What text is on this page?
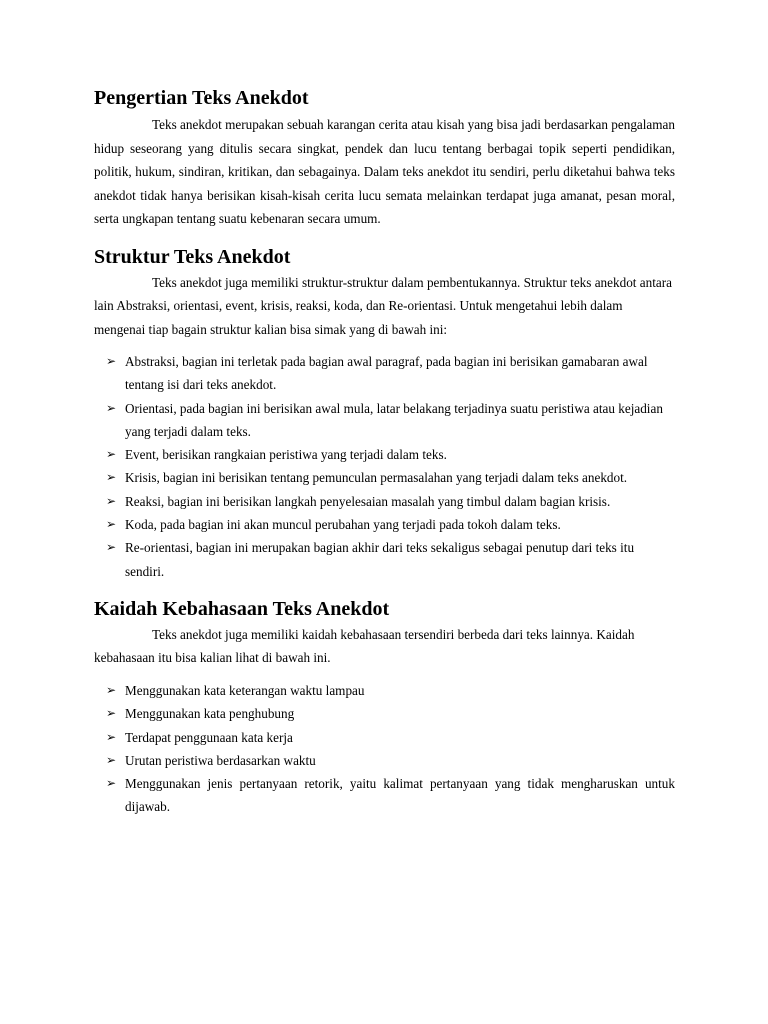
Pengertian Teks Anekdot

Teks anekdot merupakan sebuah karangan cerita atau kisah yang bisa jadi berdasarkan pengalaman hidup seseorang yang ditulis secara singkat, pendek dan lucu tentang berbagai topik seperti pendidikan, politik, hukum, sindiran, kritikan, dan sebagainya. Dalam teks anekdot itu sendiri, perlu diketahui bahwa teks anekdot tidak hanya berisikan kisah-kisah cerita lucu semata melainkan terdapat juga amanat, pesan moral, serta ungkapan tentang suatu kebenaran secara umum.

Struktur Teks Anekdot

Teks anekdot juga memiliki struktur-struktur dalam pembentukannya. Struktur teks anekdot antara lain Abstraksi, orientasi, event, krisis, reaksi, koda, dan Re-orientasi. Untuk mengetahui lebih dalam mengenai tiap bagain struktur kalian bisa simak yang di bawah ini:

➢ Abstraksi, bagian ini terletak pada bagian awal paragraf, pada bagian ini berisikan gamabaran awal tentang isi dari teks anekdot.
➢ Orientasi, pada bagian ini berisikan awal mula, latar belakang terjadinya suatu peristiwa atau kejadian yang terjadi dalam teks.
➢ Event, berisikan rangkaian peristiwa yang terjadi dalam teks.
➢ Krisis, bagian ini berisikan tentang pemunculan permasalahan yang terjadi dalam teks anekdot.
➢ Reaksi, bagian ini berisikan langkah penyelesaian masalah yang timbul dalam bagian krisis.
➢ Koda, pada bagian ini akan muncul perubahan yang terjadi pada tokoh dalam teks.
➢ Re-orientasi, bagian ini merupakan bagian akhir dari teks sekaligus sebagai penutup dari teks itu sendiri.
Kaidah Kebahasaan Teks Anekdot

Teks anekdot juga memiliki kaidah kebahasaan tersendiri berbeda dari teks lainnya. Kaidah kebahasaan itu bisa kalian lihat di bawah ini.

➢ Menggunakan kata keterangan waktu lampau
➢ Menggunakan kata penghubung
➢ Terdapat penggunaan kata kerja
➢ Urutan peristiwa berdasarkan waktu
➢ Menggunakan jenis pertanyaan retorik, yaitu kalimat pertanyaan yang tidak mengharuskan untuk dijawab.
